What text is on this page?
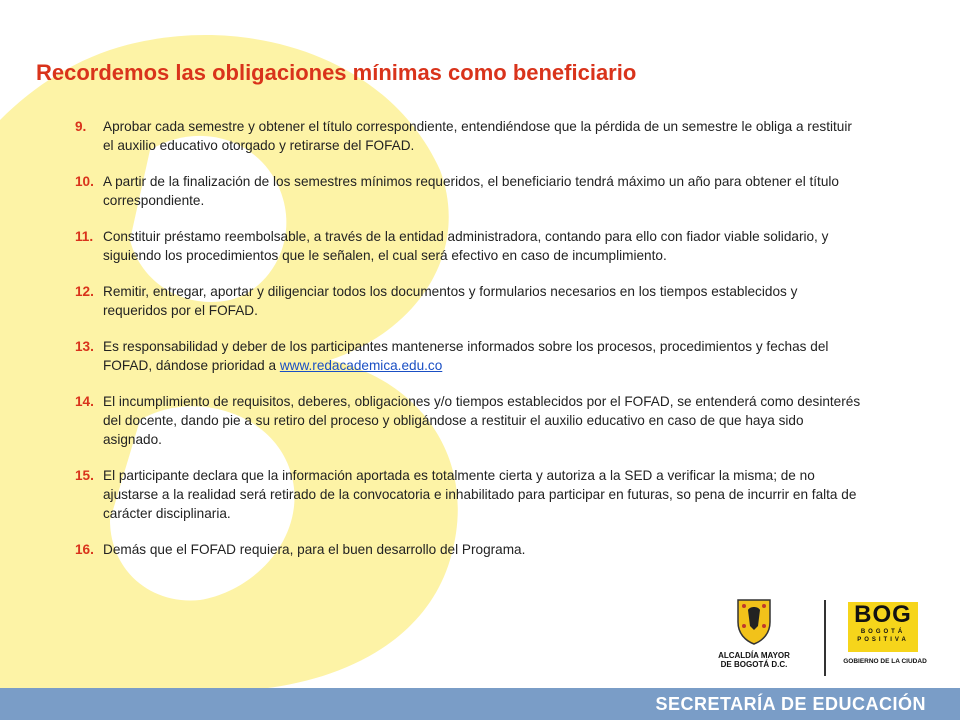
Recordemos las obligaciones mínimas como beneficiario
9.	Aprobar cada semestre y obtener el título correspondiente, entendiéndose que la pérdida de un semestre le obliga a restituir el auxilio educativo otorgado y retirarse del FOFAD.
10. A partir de la finalización de los semestres mínimos requeridos, el beneficiario tendrá máximo un año para obtener el título correspondiente.
11. Constituir préstamo reembolsable, a través de la entidad administradora, contando para ello con fiador viable solidario, y siguiendo los procedimientos que le señalen, el cual será efectivo en caso de incumplimiento.
12. Remitir, entregar, aportar y diligenciar todos los documentos y formularios necesarios en los tiempos establecidos y requeridos por el FOFAD.
13. Es responsabilidad y deber de los participantes mantenerse informados sobre los procesos, procedimientos y fechas del FOFAD, dándose prioridad a www.redacademica.edu.co
14. El incumplimiento de requisitos, deberes, obligaciones y/o tiempos establecidos por el FOFAD, se entenderá como desinterés del docente, dando pie a su retiro del proceso y obligándose a restituir el auxilio educativo en caso de que haya sido asignado.
15. El participante declara que la información aportada es totalmente cierta y autoriza a la SED a verificar la misma; de no ajustarse a la realidad será retirado de la convocatoria e inhabilitado para participar en futuras, so pena de incurrir en falta de carácter disciplinaria.
16. Demás que el FOFAD requiera, para el buen desarrollo del Programa.
ALCALDÍA MAYOR
DE BOGOTÁ D.C.
BOG
BOGOTÁ
POSITIVA
GOBIERNO DE LA CIUDAD
SECRETARÍA DE EDUCACIÓN
